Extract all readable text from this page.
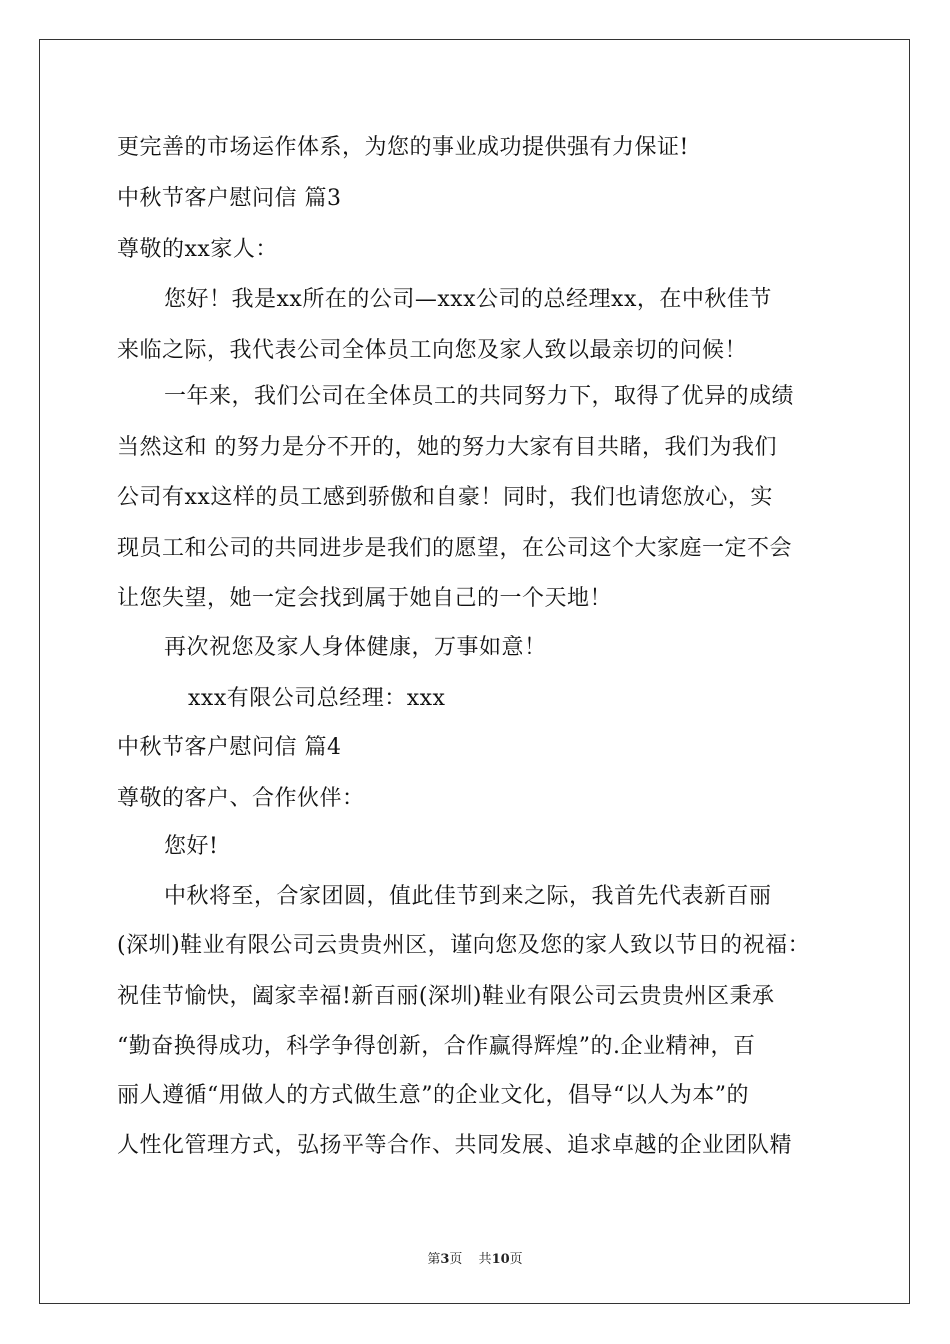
更完善的市场运作体系，为您的事业成功提供强有力保证!
中秋节客户慰问信 篇3
尊敬的xx家人：
您好！我是xx所在的公司—xxx公司的总经理xx，在中秋佳节
来临之际，我代表公司全体员工向您及家人致以最亲切的问候！
一年来，我们公司在全体员工的共同努力下，取得了优异的成绩
当然这和 的努力是分不开的，她的努力大家有目共睹，我们为我们
公司有xx这样的员工感到骄傲和自豪！同时，我们也请您放心，实
现员工和公司的共同进步是我们的愿望，在公司这个大家庭一定不会
让您失望，她一定会找到属于她自己的一个天地！
再次祝您及家人身体健康，万事如意！
xxx有限公司总经理：xxx
中秋节客户慰问信 篇4
尊敬的客户、合作伙伴：
您好!
中秋将至，合家团圆，值此佳节到来之际，我首先代表新百丽
(深圳)鞋业有限公司云贵贵州区，谨向您及您的家人致以节日的祝福：
祝佳节愉快，阖家幸福!新百丽(深圳)鞋业有限公司云贵贵州区秉承
“勤奋换得成功，科学争得创新，合作赢得辉煌”的.企业精神，百
丽人遵循“用做人的方式做生意”的企业文化，倡导“以人为本”的
人性化管理方式，弘扬平等合作、共同发展、追求卓越的企业团队精
第3页 共10页
